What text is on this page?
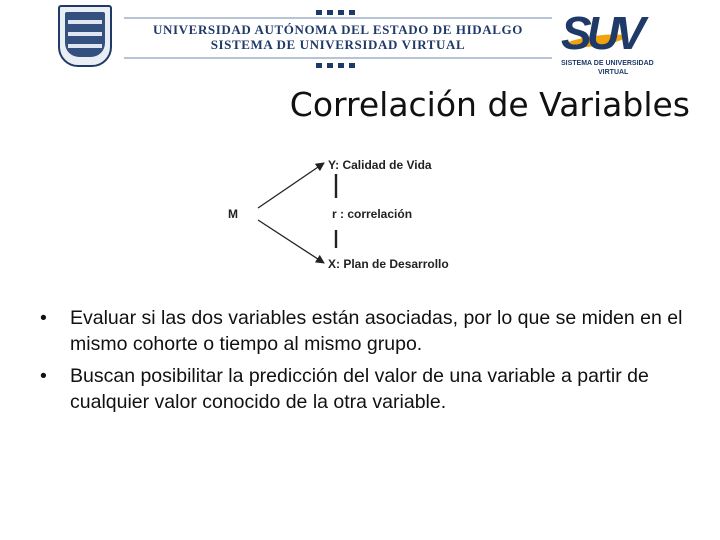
UNIVERSIDAD AUTÓNOMA DEL ESTADO DE HIDALGO
SISTEMA DE UNIVERSIDAD VIRTUAL	SUV
SISTEMA DE UNIVERSIDAD
VIRTUAL
Correlación de Variables
M
Y: Calidad de Vida
r : correlación
X: Plan de Desarrollo
• Evaluar si las dos variables están asociadas, por lo que se miden en el mismo cohorte o tiempo al mismo grupo.
• Buscan posibilitar la predicción del valor de una variable a partir de cualquier valor conocido de la otra variable.
